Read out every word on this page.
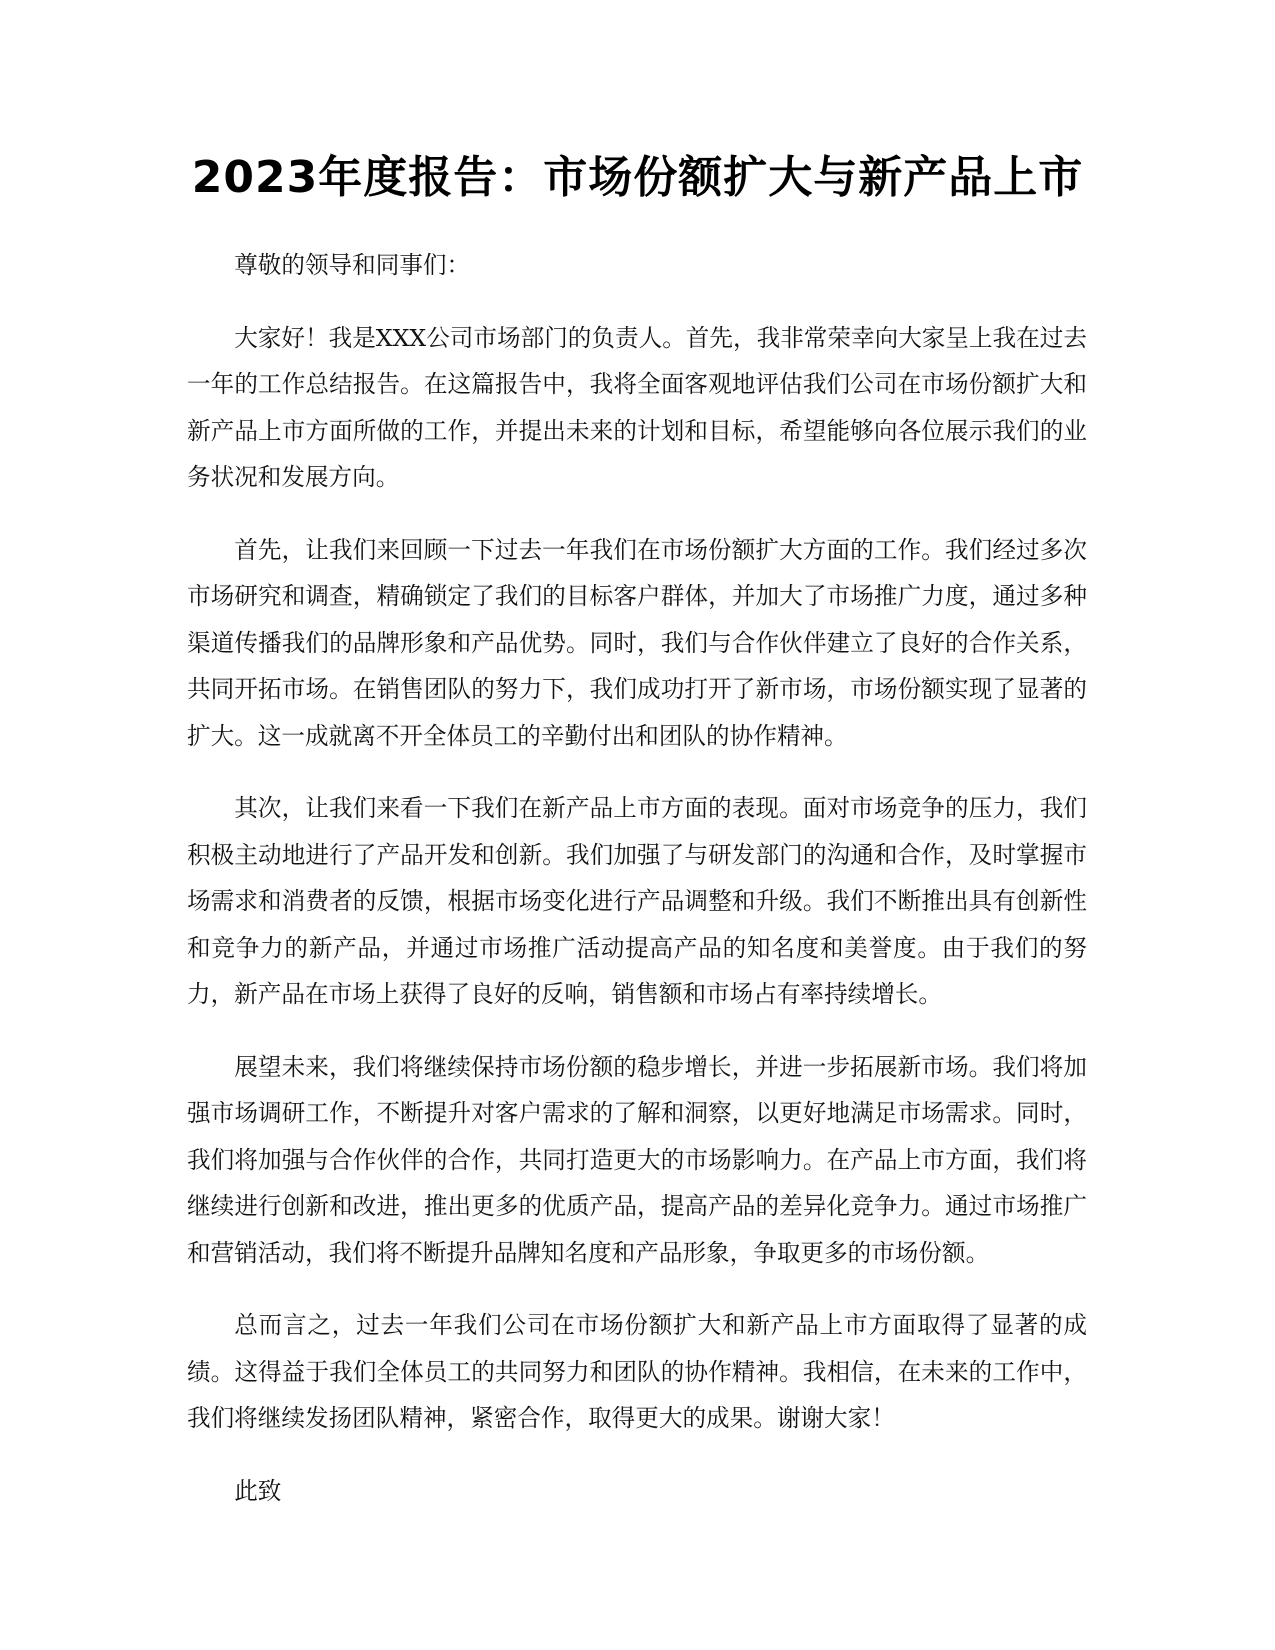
2023年度报告：市场份额扩大与新产品上市

尊敬的领导和同事们：

大家好！我是XXX公司市场部门的负责人。首先，我非常荣幸向大家呈上我在过去一年的工作总结报告。在这篇报告中，我将全面客观地评估我们公司在市场份额扩大和新产品上市方面所做的工作，并提出未来的计划和目标，希望能够向各位展示我们的业务状况和发展方向。

首先，让我们来回顾一下过去一年我们在市场份额扩大方面的工作。我们经过多次市场研究和调查，精确锁定了我们的目标客户群体，并加大了市场推广力度，通过多种渠道传播我们的品牌形象和产品优势。同时，我们与合作伙伴建立了良好的合作关系，共同开拓市场。在销售团队的努力下，我们成功打开了新市场，市场份额实现了显著的扩大。这一成就离不开全体员工的辛勤付出和团队的协作精神。

其次，让我们来看一下我们在新产品上市方面的表现。面对市场竞争的压力，我们积极主动地进行了产品开发和创新。我们加强了与研发部门的沟通和合作，及时掌握市场需求和消费者的反馈，根据市场变化进行产品调整和升级。我们不断推出具有创新性和竞争力的新产品，并通过市场推广活动提高产品的知名度和美誉度。由于我们的努力，新产品在市场上获得了良好的反响，销售额和市场占有率持续增长。

展望未来，我们将继续保持市场份额的稳步增长，并进一步拓展新市场。我们将加强市场调研工作，不断提升对客户需求的了解和洞察，以更好地满足市场需求。同时，我们将加强与合作伙伴的合作，共同打造更大的市场影响力。在产品上市方面，我们将继续进行创新和改进，推出更多的优质产品，提高产品的差异化竞争力。通过市场推广和营销活动，我们将不断提升品牌知名度和产品形象，争取更多的市场份额。

总而言之，过去一年我们公司在市场份额扩大和新产品上市方面取得了显著的成绩。这得益于我们全体员工的共同努力和团队的协作精神。我相信，在未来的工作中，我们将继续发扬团队精神，紧密合作，取得更大的成果。谢谢大家！

此致
